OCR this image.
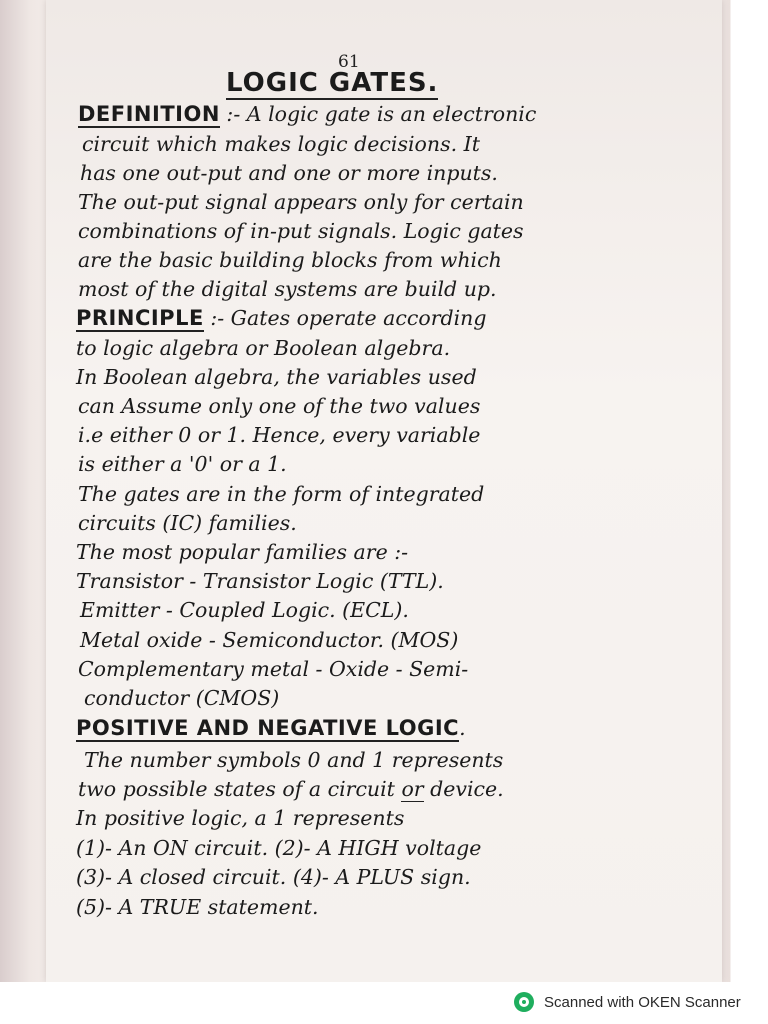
61
LOGIC GATES.
DEFINITION :- A logic gate is an electronic
circuit which makes logic decisions. It
has one out-put and one or more inputs.
The out-put signal appears only for certain
combinations of in-put signals. Logic gates
are the basic building blocks from which
most of the digital systems are build up.
PRINCIPLE :- Gates operate according
to logic algebra or Boolean algebra.
In Boolean algebra, the variables used
can Assume only one of the two values
i.e either 0 or 1. Hence, every variable
is either a '0' or a 1.
The gates are in the form of integrated
circuits (IC) families.
The most popular families are :-
Transistor - Transistor Logic (TTL).
Emitter - Coupled Logic. (ECL).
Metal oxide - Semiconductor. (MOS)
Complementary metal - Oxide - Semi-
conductor (CMOS)
POSITIVE AND NEGATIVE LOGIC.
The number symbols 0 and 1 represents
two possible states of a circuit or device.
In positive logic, a 1 represents
(1)- An ON circuit. (2)- A HIGH voltage
(3)- A closed circuit. (4)- A PLUS sign.
(5)- A TRUE statement.
Scanned with OKEN Scanner
